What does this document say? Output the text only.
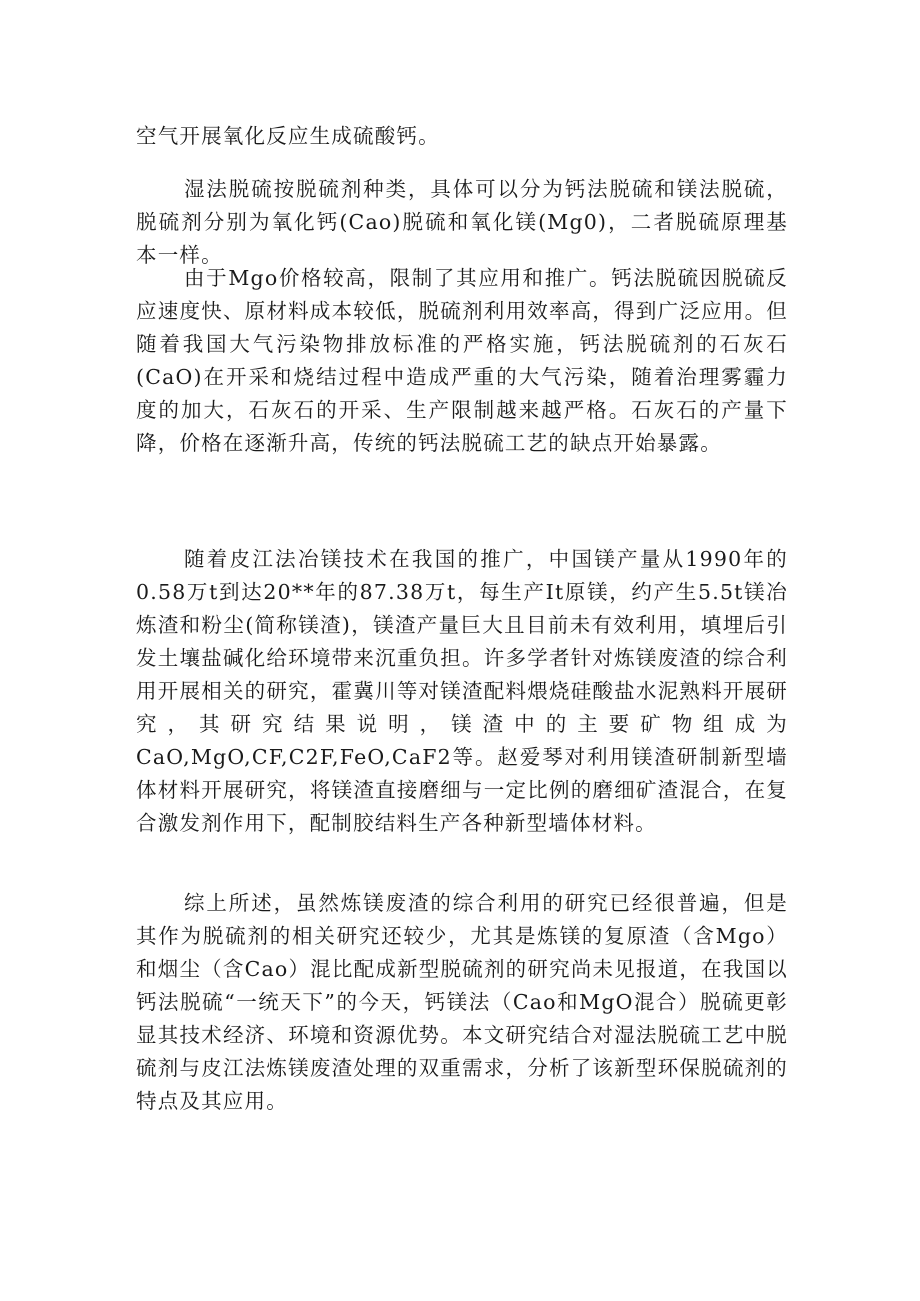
空气开展氧化反应生成硫酸钙。

湿法脱硫按脱硫剂种类，具体可以分为钙法脱硫和镁法脱硫，脱硫剂分别为氧化钙(Cao)脱硫和氧化镁(Mg0)，二者脱硫原理基本一样。

由于Mgo价格较高，限制了其应用和推广。钙法脱硫因脱硫反应速度快、原材料成本较低，脱硫剂利用效率高，得到广泛应用。但随着我国大气污染物排放标准的严格实施，钙法脱硫剂的石灰石(CaO)在开采和烧结过程中造成严重的大气污染，随着治理雾霾力度的加大，石灰石的开采、生产限制越来越严格。石灰石的产量下降，价格在逐渐升高，传统的钙法脱硫工艺的缺点开始暴露。

随着皮江法冶镁技术在我国的推广，中国镁产量从1990年的0.58万t到达20**年的87.38万t，每生产It原镁，约产生5.5t镁冶炼渣和粉尘(简称镁渣)，镁渣产量巨大且目前未有效利用，填埋后引发土壤盐碱化给环境带来沉重负担。许多学者针对炼镁废渣的综合利用开展相关的研究，霍冀川等对镁渣配料煨烧硅酸盐水泥熟料开展研究，其研究结果说明，镁渣中的主要矿物组成为CaO,MgO,CF,C2F,FeO,CaF2等。赵爱琴对利用镁渣研制新型墙体材料开展研究，将镁渣直接磨细与一定比例的磨细矿渣混合，在复合激发剂作用下，配制胶结料生产各种新型墙体材料。

综上所述，虽然炼镁废渣的综合利用的研究已经很普遍，但是其作为脱硫剂的相关研究还较少，尤其是炼镁的复原渣（含Mgo）和烟尘（含Cao）混比配成新型脱硫剂的研究尚未见报道，在我国以钙法脱硫“一统天下”的今天，钙镁法（Cao和MgO混合）脱硫更彰显其技术经济、环境和资源优势。本文研究结合对湿法脱硫工艺中脱硫剂与皮江法炼镁废渣处理的双重需求，分析了该新型环保脱硫剂的特点及其应用。
